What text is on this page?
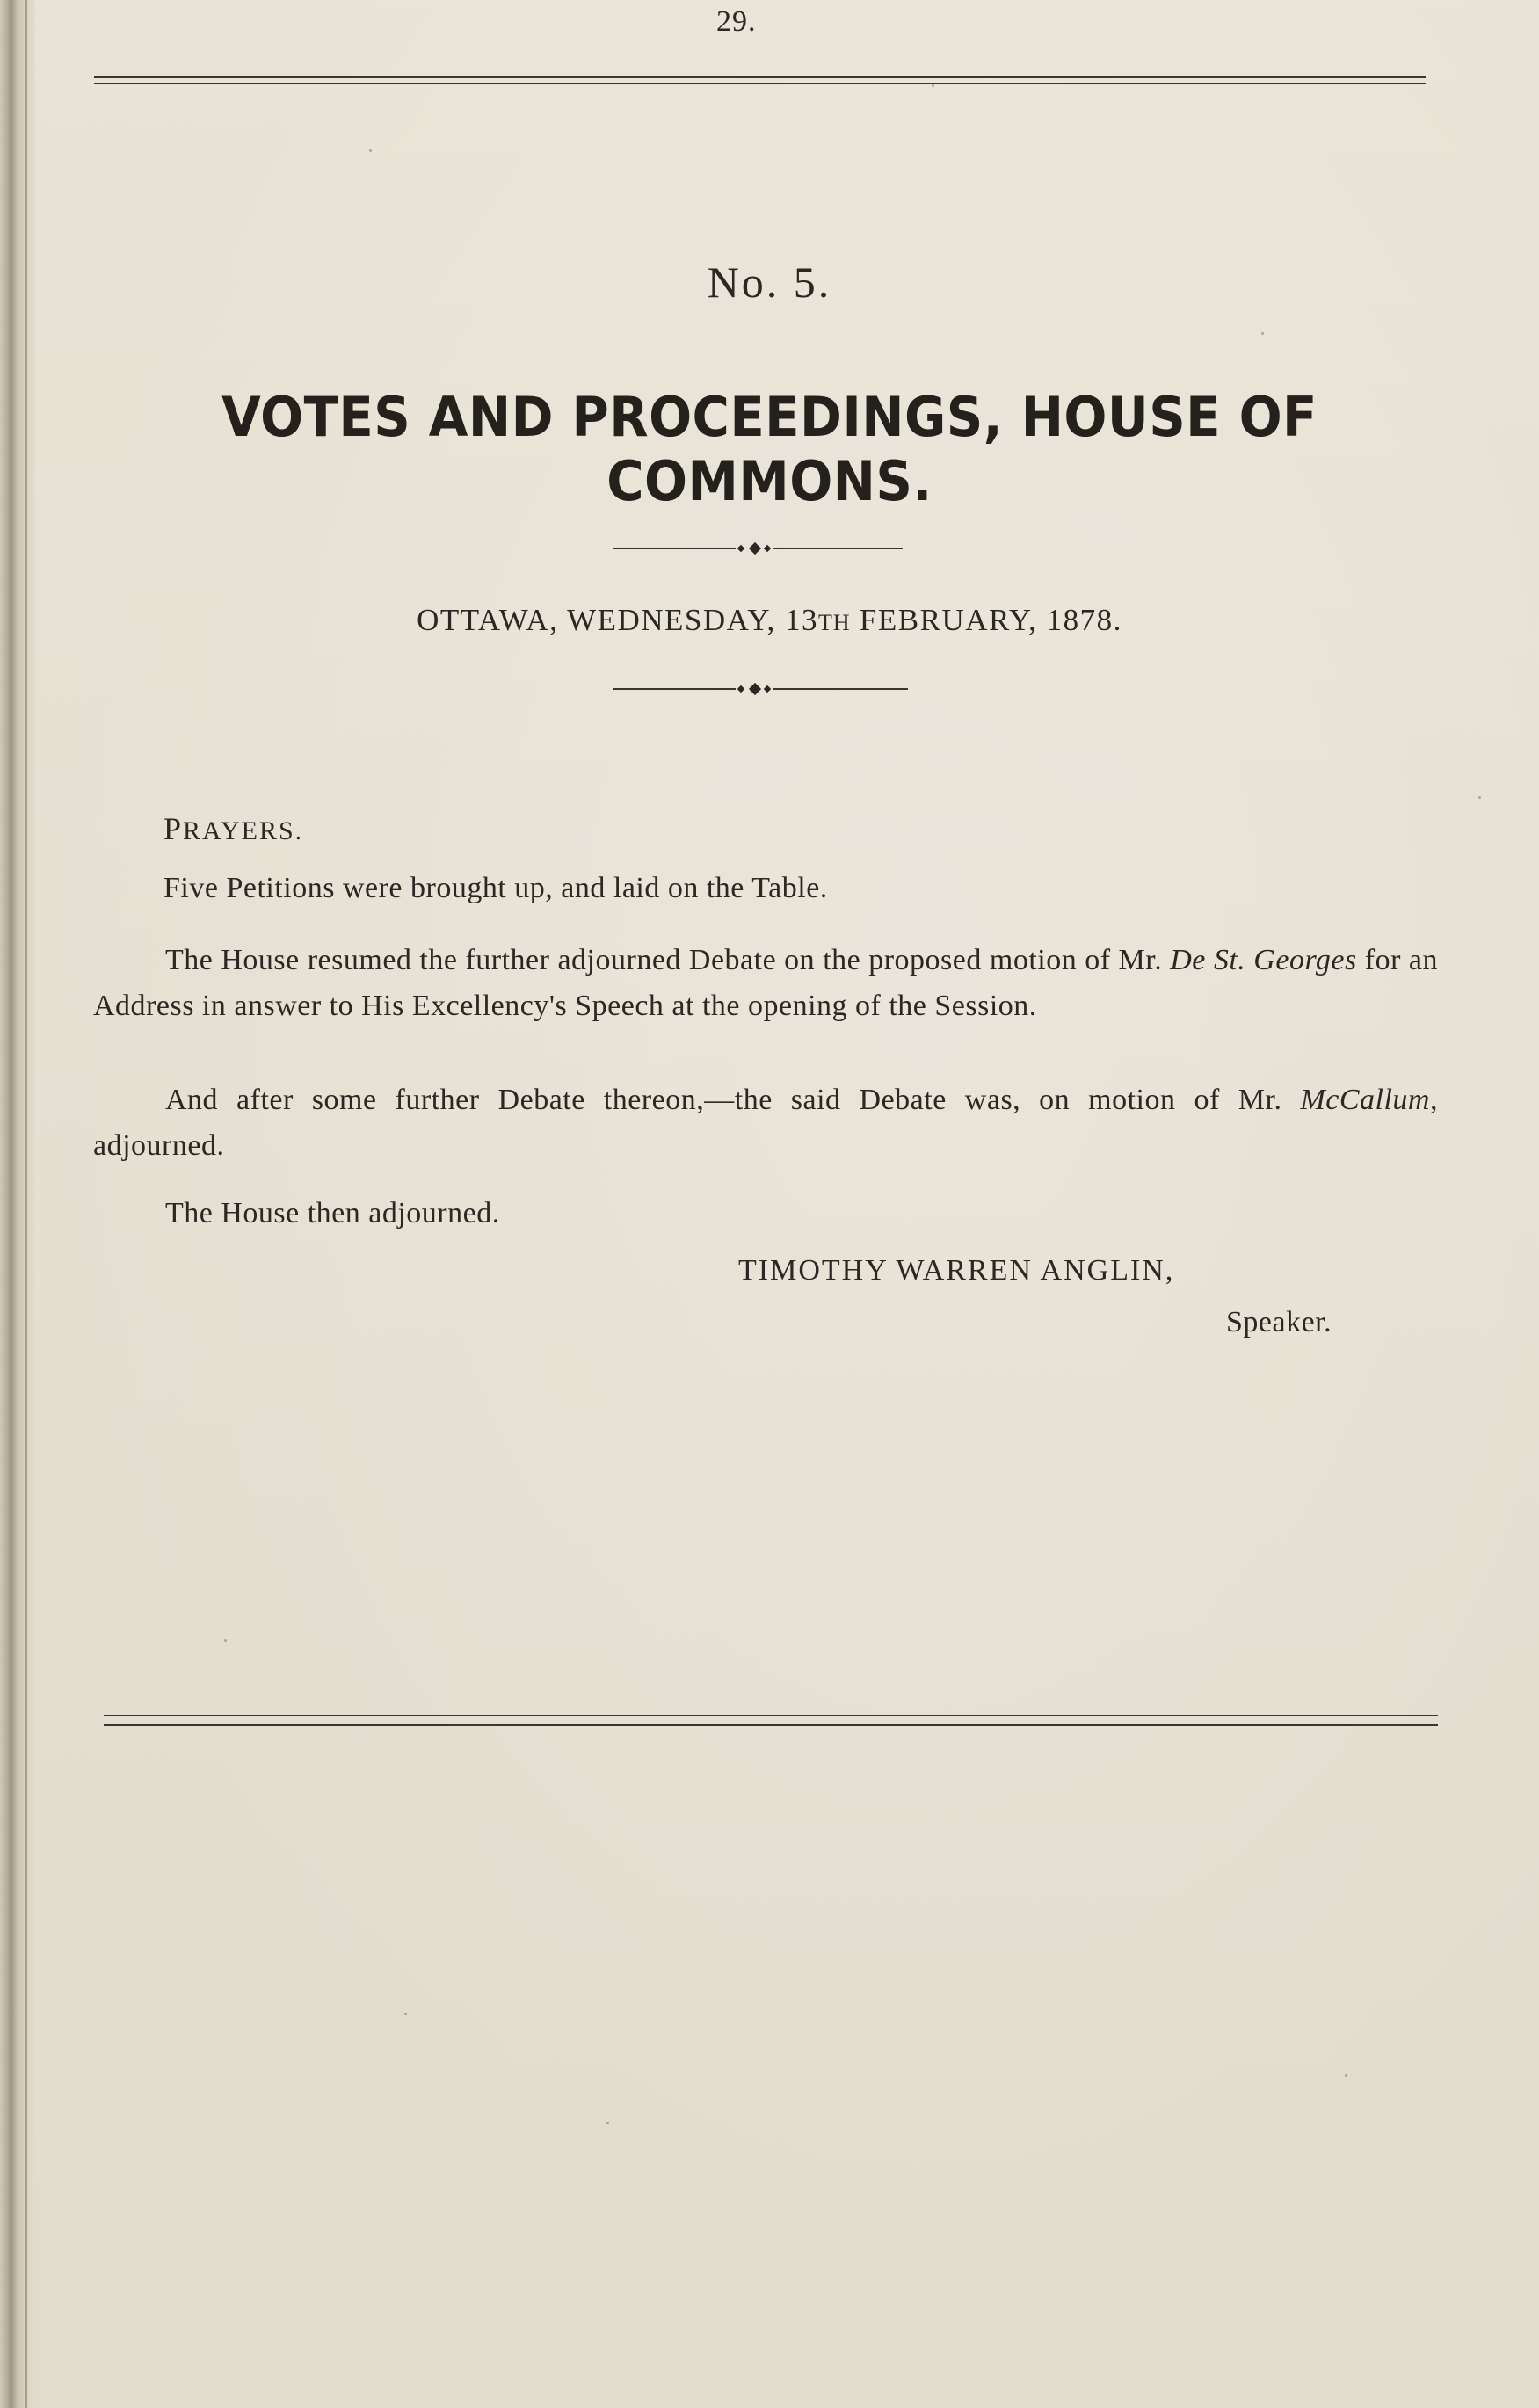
29.
No. 5.
VOTES AND PROCEEDINGS, HOUSE OF COMMONS.
OTTAWA, WEDNESDAY, 13TH FEBRUARY, 1878.
PRAYERS.
Five Petitions were brought up, and laid on the Table.
The House resumed the further adjourned Debate on the proposed motion of Mr. De St. Georges for an Address in answer to His Excellency's Speech at the opening of the Session.
And after some further Debate thereon,—the said Debate was, on motion of Mr. McCallum, adjourned.
The House then adjourned.
TIMOTHY WARREN ANGLIN,
Speaker.
